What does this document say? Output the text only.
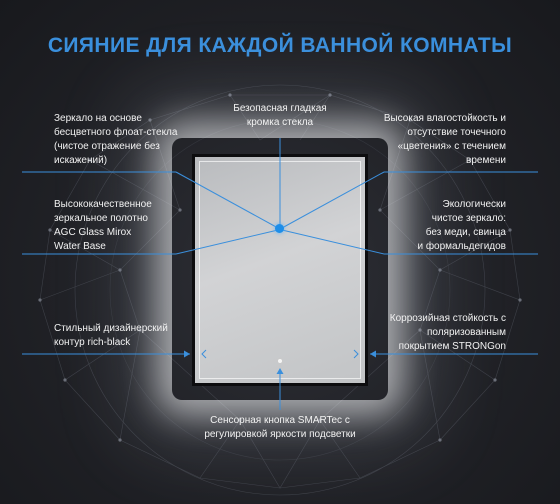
СИЯНИЕ ДЛЯ КАЖДОЙ ВАННОЙ КОМНАТЫ
Зеркало на основе
бесцветного флоат-стекла
(чистое отражение без
искажений)
Безопасная гладкая
кромка стекла	Высокая влагостойкость и
отсутствие точечного
«цветения» с течением
времени
Высококачественное
зеркальное полотно
AGC Glass Mirox
Water Base
Экологически
чистое зеркало:
без меди, свинца
и формальдегидов
Стильный дизайнерский
контур rich-black
Коррозийная стойкость с
поляризованным
покрытием STRONGon
Сенсорная кнопка SMARTec с
регулировкой яркости подсветки
